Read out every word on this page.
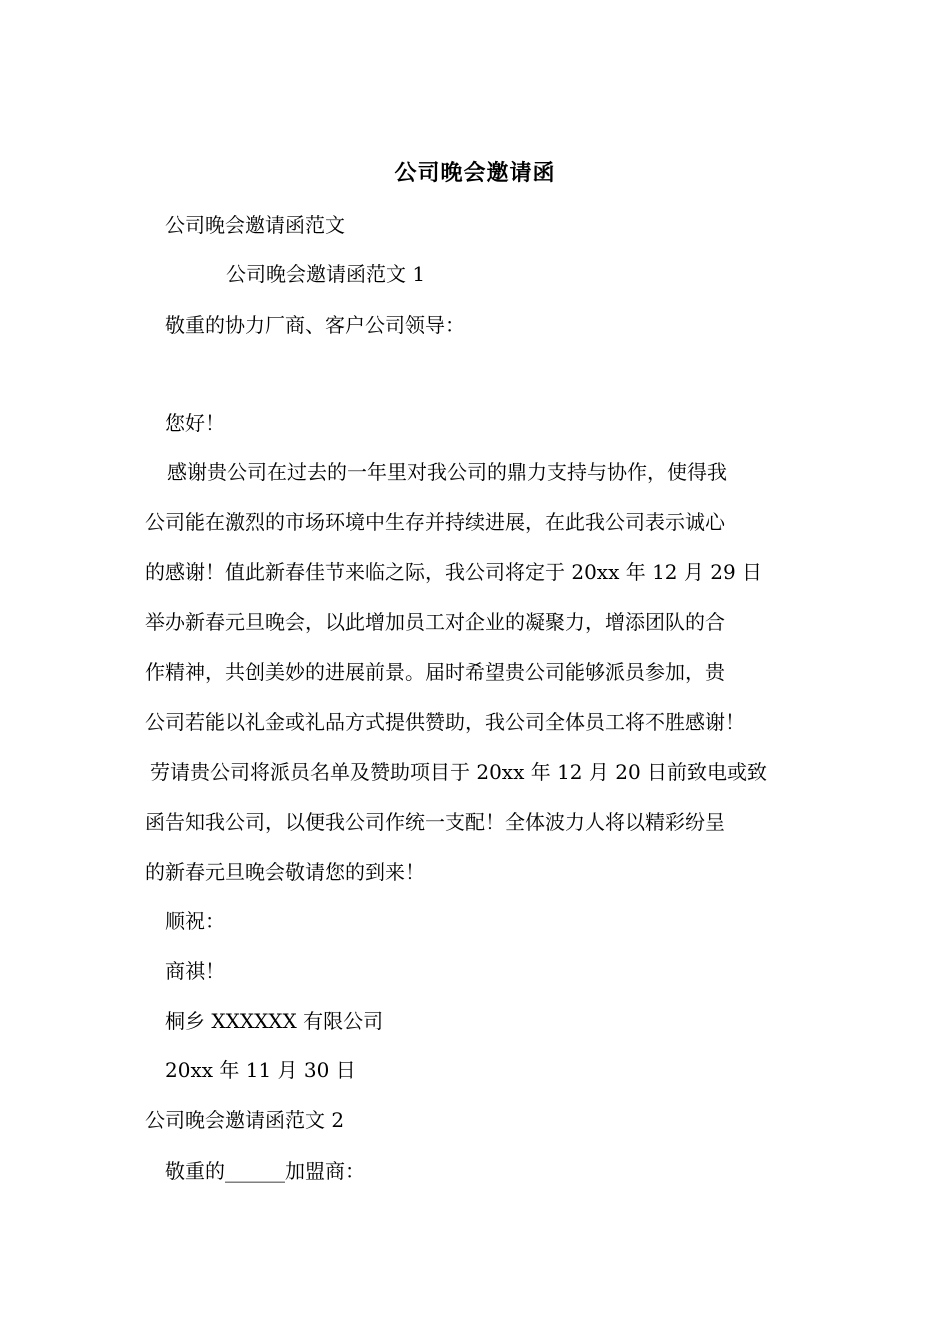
公司晚会邀请函
公司晚会邀请函范文
公司晚会邀请函范文 1
敬重的协力厂商、客户公司领导：
您好！
感谢贵公司在过去的一年里对我公司的鼎力支持与协作，使得我
公司能在激烈的市场环境中生存并持续进展，在此我公司表示诚心
的感谢！值此新春佳节来临之际，我公司将定于 20xx 年 12 月 29 日
举办新春元旦晚会，以此增加员工对企业的凝聚力，增添团队的合
作精神，共创美妙的进展前景。届时希望贵公司能够派员参加，贵
公司若能以礼金或礼品方式提供赞助，我公司全体员工将不胜感谢！
劳请贵公司将派员名单及赞助项目于 20xx 年 12 月 20 日前致电或致
函告知我公司，以便我公司作统一支配！全体波力人将以精彩纷呈
的新春元旦晚会敬请您的到来！
顺祝：
商祺！
桐乡 XXXXXX 有限公司
20xx 年 11 月 30 日
公司晚会邀请函范文 2
敬重的______加盟商：
